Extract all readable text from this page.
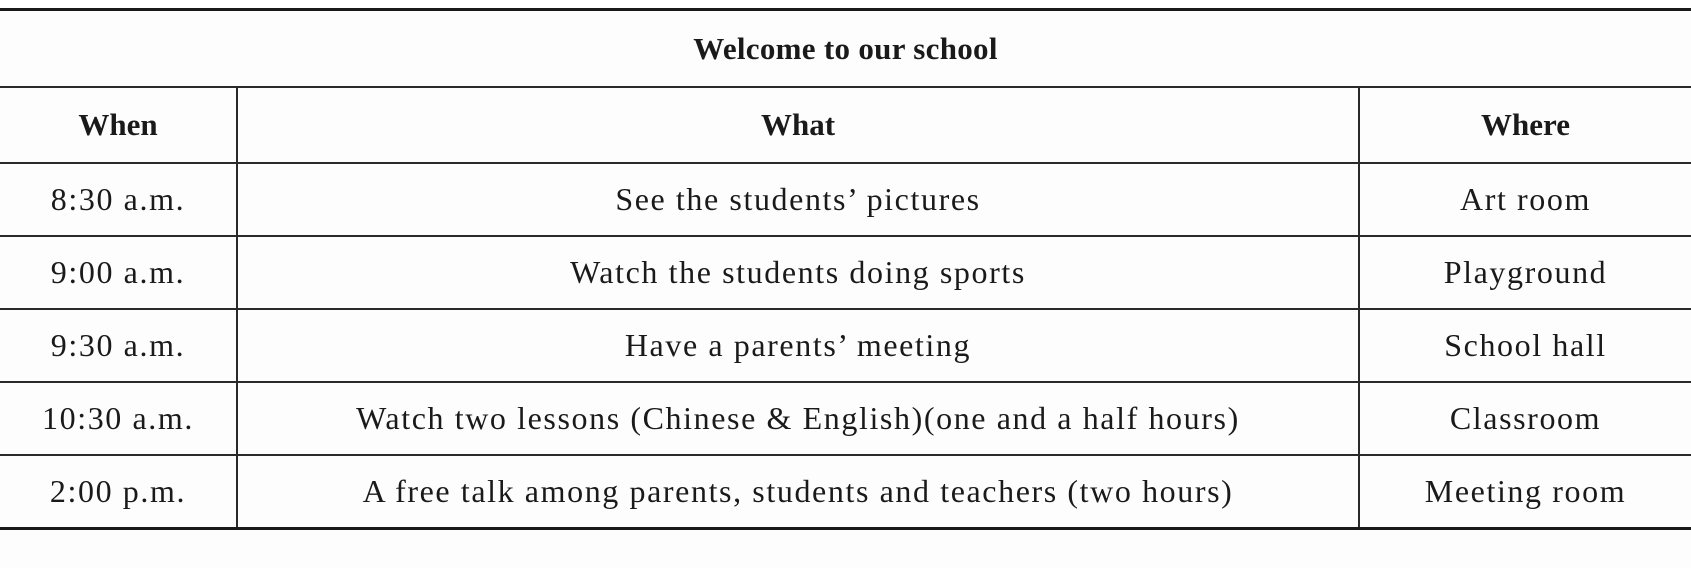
Welcome to our school		
When	What	Where
8:30 a.m.	See the students’ pictures	Art room
9:00 a.m.	Watch the students doing sports	Playground
9:30 a.m.	Have a parents’ meeting	School hall
10:30 a.m.	Watch two lessons (Chinese & English)(one and a half hours)	Classroom
2:00 p.m.	A free talk among parents, students and teachers (two hours)	Meeting room
